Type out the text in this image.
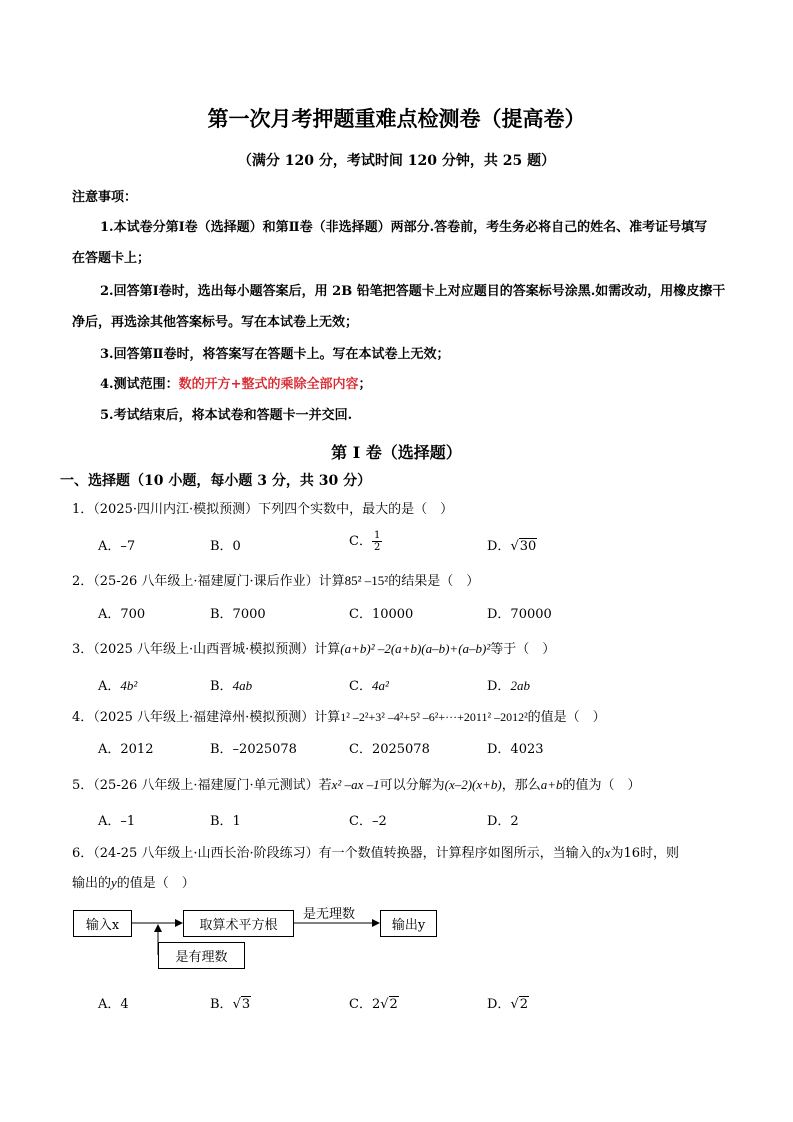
第一次月考押题重难点检测卷（提高卷）
（满分 120 分，考试时间 120 分钟，共 25 题）
注意事项：
1.本试卷分第Ⅰ卷（选择题）和第Ⅱ卷（非选择题）两部分.答卷前，考生务必将自己的姓名、准考证号填写
在答题卡上；
2.回答第Ⅰ卷时，选出每小题答案后，用 2B 铅笔把答题卡上对应题目的答案标号涂黑.如需改动，用橡皮擦干
净后，再选涂其他答案标号。写在本试卷上无效；
3.回答第Ⅱ卷时，将答案写在答题卡上。写在本试卷上无效；
4.测试范围：数的开方+整式的乘除全部内容；
5.考试结束后，将本试卷和答题卡一并交回.
第 I 卷（选择题）
一、选择题（10 小题，每小题 3 分，共 30 分）
1．（2025·四川内江·模拟预测）下列四个实数中，最大的是（　）
A．–7	B．0	C． $\frac{1}{2}$	D．√ 30
2．（25-26 八年级上·福建厦门·课后作业）计算85² –15²的结果是（　）
A．700	B．7000	C．10000	D．70000
3．（2025 八年级上·山西晋城·模拟预测）计算(a+b)² –2(a+b)(a–b)+(a–b)²等于（　）
A．4b²	B．4ab	C．4a²	D．2ab
4．（2025 八年级上·福建漳州·模拟预测）计算1² –2²+3² –4²+5² –6²+···+2011² –2012²的值是（　）
A．2012	B．–2025078	C．2025078	D．4023
5．（25-26 八年级上·福建厦门·单元测试）若x² –ax –1可以分解为(x–2)(x+b)，那么a+b的值为（　）
A．–1	B．1	C．–2	D．2
6．（24-25 八年级上·山西长治·阶段练习）有一个数值转换器，计算程序如图所示，当输入的x为16时，则
输出的y的值是（　）
输入x	取算术平方根	输出y
是有理数
是无理数
A．4	B．√ 3	C．2√ 2	D．√ 2
